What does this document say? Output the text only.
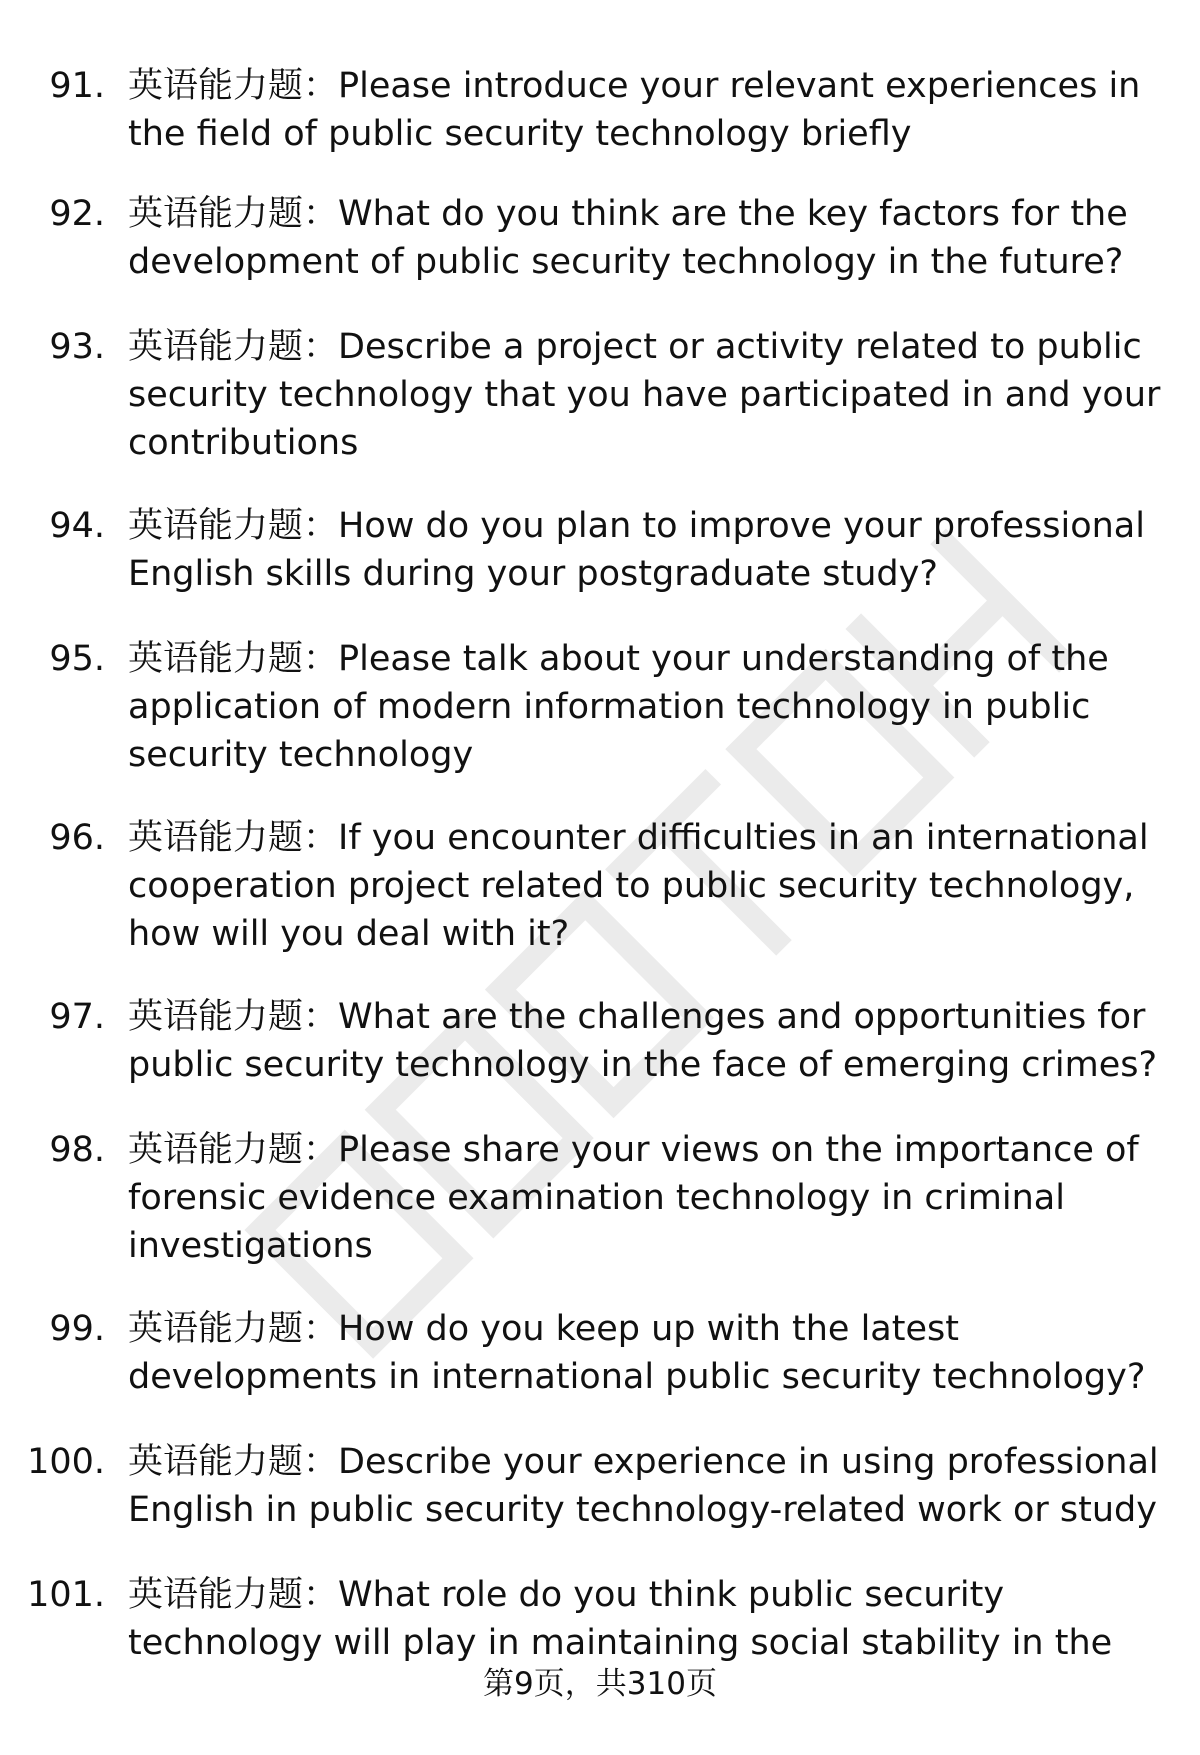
91. 英语能力题：Please introduce your relevant experiences in
the field of public security technology briefly
92. 英语能力题：What do you think are the key factors for the
development of public security technology in the future?
93. 英语能力题：Describe a project or activity related to public
security technology that you have participated in and your
contributions
94. 英语能力题：How do you plan to improve your professional
English skills during your postgraduate study?
95. 英语能力题：Please talk about your understanding of the
application of modern information technology in public
security technology
96. 英语能力题：If you encounter difficulties in an international
cooperation project related to public security technology,
how will you deal with it?
97. 英语能力题：What are the challenges and opportunities for
public security technology in the face of emerging crimes?
98. 英语能力题：Please share your views on the importance of
forensic evidence examination technology in criminal
investigations
99. 英语能力题：How do you keep up with the latest
developments in international public security technology?
100. 英语能力题：Describe your experience in using professional
English in public security technology-related work or study
101. 英语能力题：What role do you think public security
technology will play in maintaining social stability in the
第9页，共310页
